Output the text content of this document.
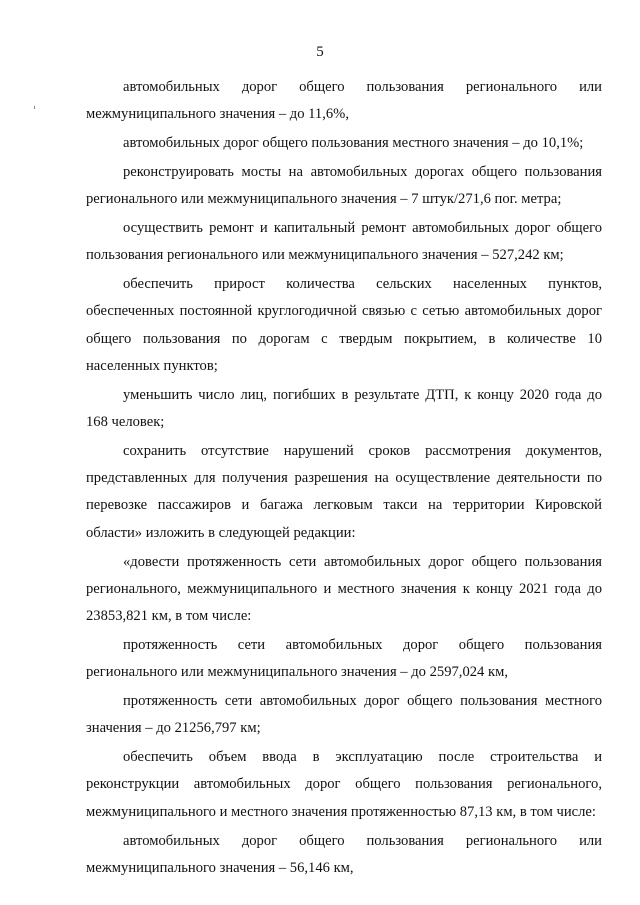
5

автомобильных дорог общего пользования регионального или межмуниципального значения – до 11,6%,

автомобильных дорог общего пользования местного значения – до 10,1%;

реконструировать мосты на автомобильных дорогах общего пользования регионального или межмуниципального значения – 7 штук/271,6 пог. метра;

осуществить ремонт и капитальный ремонт автомобильных дорог общего пользования регионального или межмуниципального значения – 527,242 км;

обеспечить прирост количества сельских населенных пунктов, обеспеченных постоянной круглогодичной связью с сетью автомобильных дорог общего пользования по дорогам с твердым покрытием, в количестве 10 населенных пунктов;

уменьшить число лиц, погибших в результате ДТП, к концу 2020 года до 168 человек;

сохранить отсутствие нарушений сроков рассмотрения документов, представленных для получения разрешения на осуществление деятельности по перевозке пассажиров и багажа легковым такси на территории Кировской области» изложить в следующей редакции:

«довести протяженность сети автомобильных дорог общего пользования регионального, межмуниципального и местного значения к концу 2021 года до 23853,821 км, в том числе:

протяженность сети автомобильных дорог общего пользования регионального или межмуниципального значения – до 2597,024 км,

протяженность сети автомобильных дорог общего пользования местного значения – до 21256,797 км;

обеспечить объем ввода в эксплуатацию после строительства и реконструкции автомобильных дорог общего пользования регионального, межмуниципального и местного значения протяженностью 87,13 км, в том числе:

автомобильных дорог общего пользования регионального или межмуниципального значения – 56,146 км,
